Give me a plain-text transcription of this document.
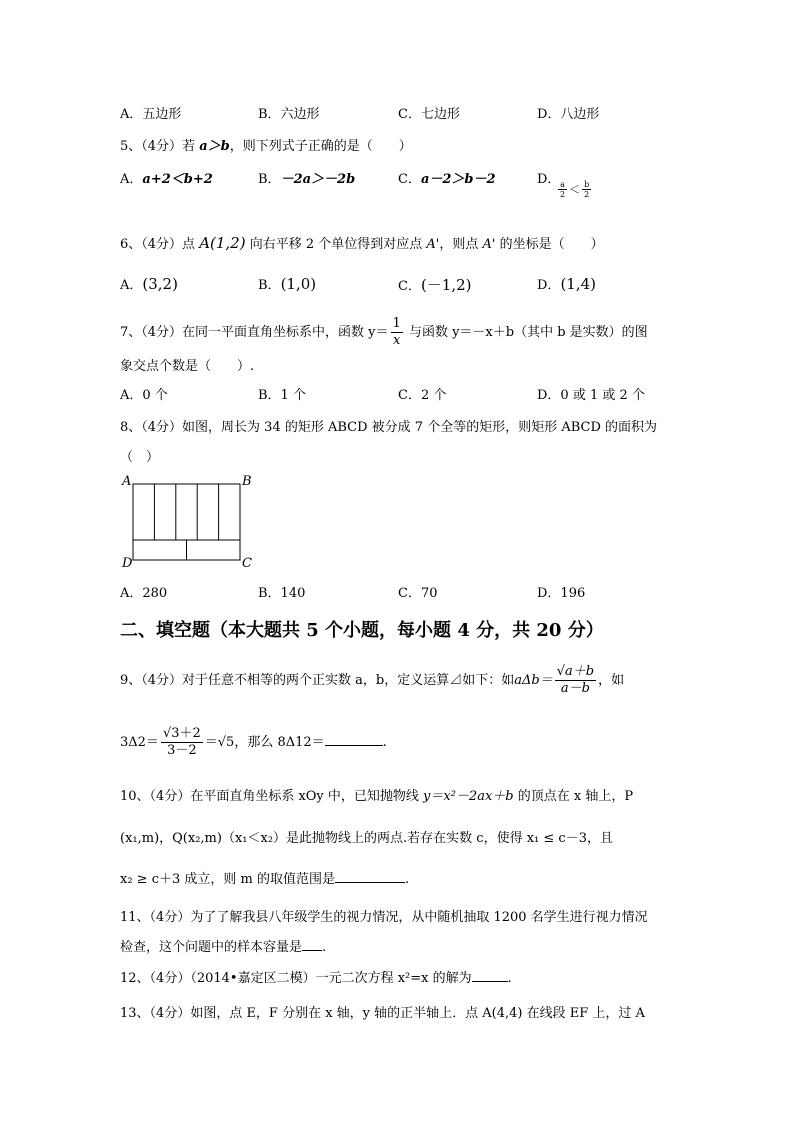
A．五边形	B．六边形	C．七边形	D．八边形
5、（4分）若 a＞b，则下列式子正确的是（　　）
A．a+2＜b+2	B．－2a＞－2b	C．a－2＞b－2	D．
$\frac{a}{2} < \frac{b}{2}$
6、（4分）点 A(1,2) 向右平移 2 个单位得到对应点 A'，则点 A' 的坐标是（　　）
A．(3,2)	B．(1,0)	C．(－1,2)	D．(1,4)
7、（4分）在同一平面直角坐标系中，函数 $y= \frac{1}{x}$ 与函数 y＝－x＋b（其中 b 是实数）的图
象交点个数是（　　）.
A．0 个	B．1 个	C．2 个	D．0 或 1 或 2 个
8、（4分）如图，周长为 34 的矩形 ABCD 被分成 7 个全等的矩形，则矩形 ABCD 的面积为
（　）
A	B
D	C
A．280	B．140	C．70	D．196
二、填空题（本大题共 5 个小题，每小题 4 分，共 20 分）
9、（4分）对于任意不相等的两个正实数 a，b，定义运算⊿如下：如$a\Delta b= \frac{√a+b}{a-b}$ ，如
$3\Delta 2= \frac{√3+2}{3-2} =√5$，那么 8Δ12＝	.
10、（4分）在平面直角坐标系 xOy 中，已知抛物线 y＝x²－2ax＋b 的顶点在 x 轴上，P
(x₁,m)，Q(x₂,m)（x₁＜x₂）是此抛物线上的两点.若存在实数 c，使得 x₁ ≤ c－3，且
x₂ ≥ c＋3 成立，则 m 的取值范围是	.
11、（4分）为了了解我县八年级学生的视力情况，从中随机抽取 1200 名学生进行视力情况
检查，这个问题中的样本容量是 .
12、（4分）（2014•嘉定区二模）一元二次方程 x²=x 的解为	.
13、（4分）如图，点 E，F 分别在 x 轴，y 轴的正半轴上．点 A(4,4) 在线段 EF 上，过 A
